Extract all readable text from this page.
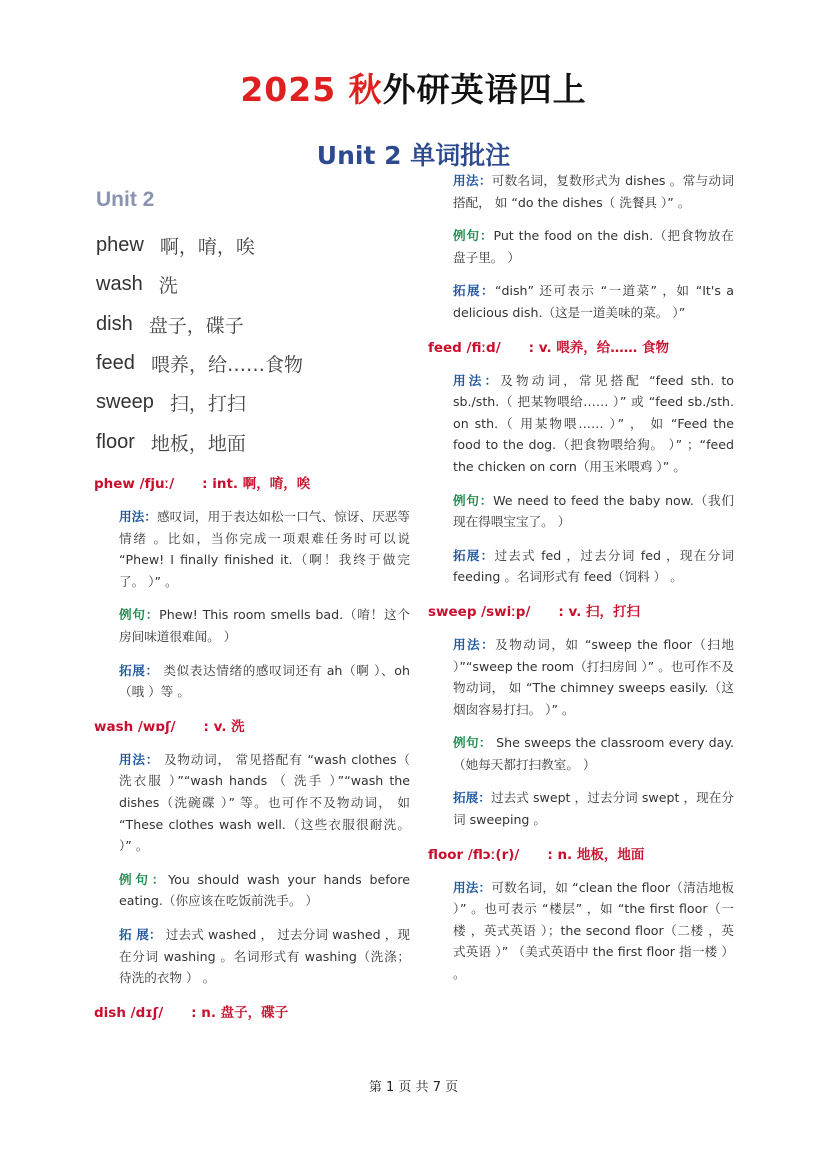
2025 秋外研英语四上
Unit 2 单词批注
Unit 2
phew 啊，唷，唉
wash 洗
dish 盘子，碟子
feed 喂养，给……食物
sweep 扫，打扫
floor 地板，地面
phew /fjuː/ : int. 啊，唷，唉

用法：感叹词，用于表达如松一口气、惊讶、厌恶等情绪 。比如，当你完成一项艰难任务时可以说 “Phew! I finally finished it.（啊！我终于做完了。 ）” 。

例句：Phew! This room smells bad.（唷！这个房间味道很难闻。 ）

拓展： 类似表达情绪的感叹词还有 ah（啊 ）、oh（哦 ）等 。

wash /wɒʃ/ : v. 洗

用法： 及物动词， 常见搭配有 “wash clothes（ 洗衣服 ）”“wash hands （ 洗手 ）”“wash the dishes（洗碗碟 ）” 等。也可作不及物动词， 如 “These clothes wash well.（这些衣服很耐洗。 ）” 。

例句：You should wash your hands before eating.（你应该在吃饭前洗手。 ）

拓 展： 过去式 washed ， 过去分词 washed ，现在分词 washing 。名词形式有 washing（洗涤；待洗的衣物 ） 。

dish /dɪʃ/ : n. 盘子，碟子

用法：可数名词，复数形式为 dishes 。常与动词搭配， 如 “do the dishes（ 洗餐具 ）” 。

例句：Put the food on the dish.（把食物放在盘子里。 ）

拓展：“dish” 还可表示 “一道菜” ，如 “It's a delicious dish.（这是一道美味的菜。 ）”

feed /fiːd/ : v. 喂养，给…… 食物

用法：及物动词，常见搭配 “feed sth. to sb./sth.（ 把某物喂给…… ）” 或 “feed sb./sth. on sth.（ 用某物喂…… ）” ， 如 “Feed the food to the dog.（把食物喂给狗。 ）” ；“feed the chicken on corn（用玉米喂鸡 ）” 。

例句：We need to feed the baby now.（我们现在得喂宝宝了。 ）

拓展：过去式 fed ，过去分词 fed ，现在分词 feeding 。名词形式有 feed（饲料 ） 。

sweep /swiːp/ : v. 扫，打扫

用法：及物动词，如 “sweep the floor（扫地 ）”“sweep the room（打扫房间 ）” 。也可作不及物动词， 如 “The chimney sweeps easily.（这烟囱容易打扫。 ）” 。

例句： She sweeps the classroom every day.（她每天都打扫教室。 ）

拓展：过去式 swept ，过去分词 swept ，现在分词 sweeping 。

floor /flɔː(r)/ : n. 地板，地面

用法：可数名词，如 “clean the floor（清洁地板 ）” 。也可表示 “楼层” ，如 “the first floor（一楼 ，英式英语 ）；the second floor（二楼 ，英式英语 ）” （美式英语中 the first floor 指一楼 ） 。

第 1 页 共 7 页
